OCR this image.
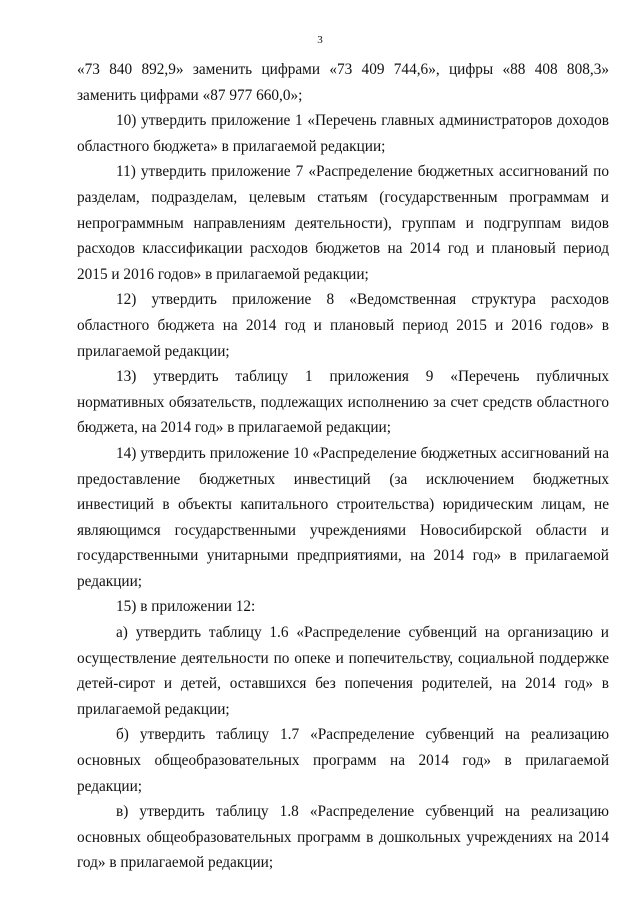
3

«73 840 892,9» заменить цифрами «73 409 744,6», цифры «88 408 808,3» заменить цифрами «87 977 660,0»;

10) утвердить приложение 1 «Перечень главных администраторов доходов областного бюджета» в прилагаемой редакции;

11) утвердить приложение 7 «Распределение бюджетных ассигнований по разделам, подразделам, целевым статьям (государственным программам и непрограммным направлениям деятельности), группам и подгруппам видов расходов классификации расходов бюджетов на 2014 год и плановый период 2015 и 2016 годов» в прилагаемой редакции;

12) утвердить приложение 8 «Ведомственная структура расходов областного бюджета на 2014 год и плановый период 2015 и 2016 годов» в прилагаемой редакции;

13) утвердить таблицу 1 приложения 9 «Перечень публичных нормативных обязательств, подлежащих исполнению за счет средств областного бюджета, на 2014 год» в прилагаемой редакции;

14) утвердить приложение 10 «Распределение бюджетных ассигнований на предоставление бюджетных инвестиций (за исключением бюджетных инвестиций в объекты капитального строительства) юридическим лицам, не являющимся государственными учреждениями Новосибирской области и государственными унитарными предприятиями, на 2014 год» в прилагаемой редакции;

15) в приложении 12:

а) утвердить таблицу 1.6 «Распределение субвенций на организацию и осуществление деятельности по опеке и попечительству, социальной поддержке детей-сирот и детей, оставшихся без попечения родителей, на 2014 год» в прилагаемой редакции;

б) утвердить таблицу 1.7 «Распределение субвенций на реализацию основных общеобразовательных программ на 2014 год» в прилагаемой редакции;

в) утвердить таблицу 1.8 «Распределение субвенций на реализацию основных общеобразовательных программ в дошкольных учреждениях на 2014 год» в прилагаемой редакции;
